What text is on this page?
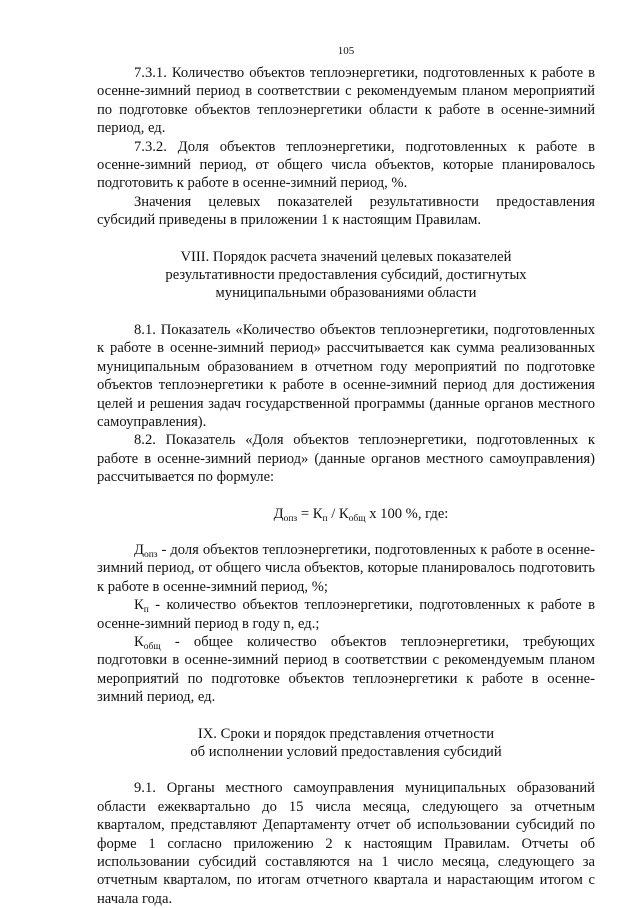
105

7.3.1. Количество объектов теплоэнергетики, подготовленных к работе в осенне-зимний период в соответствии с рекомендуемым планом мероприятий по подготовке объектов теплоэнергетики области к работе в осенне-зимний период, ед.

7.3.2. Доля объектов теплоэнергетики, подготовленных к работе в осенне-зимний период, от общего числа объектов, которые планировалось подготовить к работе в осенне-зимний период, %.

Значения целевых показателей результативности предоставления субсидий приведены в приложении 1 к настоящим Правилам.

VIII. Порядок расчета значений целевых показателей
результативности предоставления субсидий, достигнутых
муниципальными образованиями области

8.1. Показатель «Количество объектов теплоэнергетики, подготовленных к работе в осенне-зимний период» рассчитывается как сумма реализованных муниципальным образованием в отчетном году мероприятий по подготовке объектов теплоэнергетики к работе в осенне-зимний период для достижения целей и решения задач государственной программы (данные органов местного самоуправления).

8.2. Показатель «Доля объектов теплоэнергетики, подготовленных к работе в осенне-зимний период» (данные органов местного самоуправления) рассчитывается по формуле:

$Д_{опз} = К_п / К_{общ}$ х 100 %, где:

$Д_{опз}$ - доля объектов теплоэнергетики, подготовленных к работе в осенне-зимний период, от общего числа объектов, которые планировалось подготовить к работе в осенне-зимний период, %;

$К_п$ - количество объектов теплоэнергетики, подготовленных к работе в осенне-зимний период в году n, ед.;

$К_{общ}$ - общее количество объектов теплоэнергетики, требующих подготовки в осенне-зимний период в соответствии с рекомендуемым планом мероприятий по подготовке объектов теплоэнергетики к работе в осенне-зимний период, ед.

IX. Сроки и порядок представления отчетности
об исполнении условий предоставления субсидий

9.1. Органы местного самоуправления муниципальных образований области ежеквартально до 15 числа месяца, следующего за отчетным кварталом, представляют Департаменту отчет об использовании субсидий по форме 1 согласно приложению 2 к настоящим Правилам. Отчеты об использовании субсидий составляются на 1 число месяца, следующего за отчетным кварталом, по итогам отчетного квартала и нарастающим итогом с начала года.
